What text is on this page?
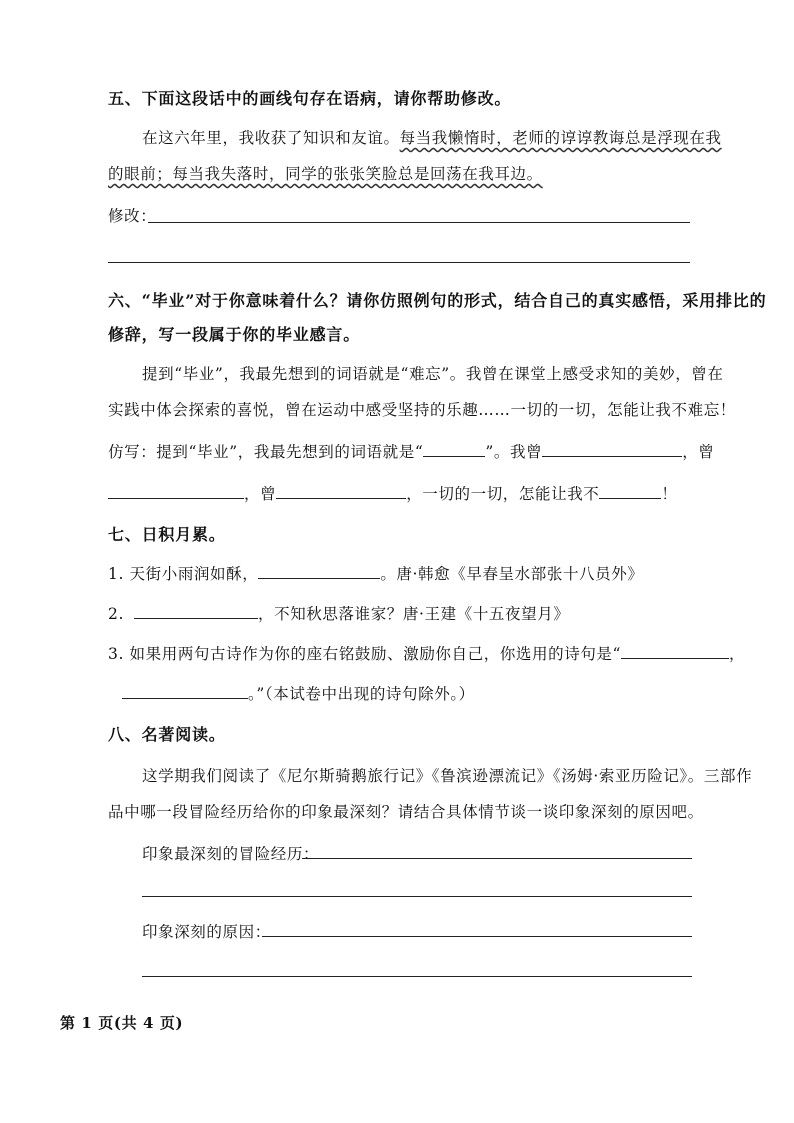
五、下面这段话中的画线句存在语病，请你帮助修改。
在这六年里，我收获了知识和友谊。每当我懒惰时，老师的谆谆教诲总是浮现在我
的眼前；每当我失落时，同学的张张笑脸总是回荡在我耳边。
修改：
六、“毕业”对于你意味着什么？请你仿照例句的形式，结合自己的真实感悟，采用排比的
修辞，写一段属于你的毕业感言。
提到“毕业”，我最先想到的词语就是“难忘”。我曾在课堂上感受求知的美妙，曾在
实践中体会探索的喜悦，曾在运动中感受坚持的乐趣……一切的一切，怎能让我不难忘！
仿写：提到“毕业”，我最先想到的词语就是“	”。我曾	，曾
，曾	，一切的一切，怎能让我不	！
七、日积月累。
1. 天街小雨润如酥，	。唐·韩愈《早春呈水部张十八员外》
2.	，不知秋思落谁家？唐·王建《十五夜望月》
3. 如果用两句古诗作为你的座右铭鼓励、激励你自己，你选用的诗句是“	，
。”（本试卷中出现的诗句除外。）
八、名著阅读。
这学期我们阅读了《尼尔斯骑鹅旅行记》《鲁滨逊漂流记》《汤姆·索亚历险记》。三部作
品中哪一段冒险经历给你的印象最深刻？请结合具体情节谈一谈印象深刻的原因吧。
印象最深刻的冒险经历：
印象深刻的原因：
第 1 页(共 4 页)
